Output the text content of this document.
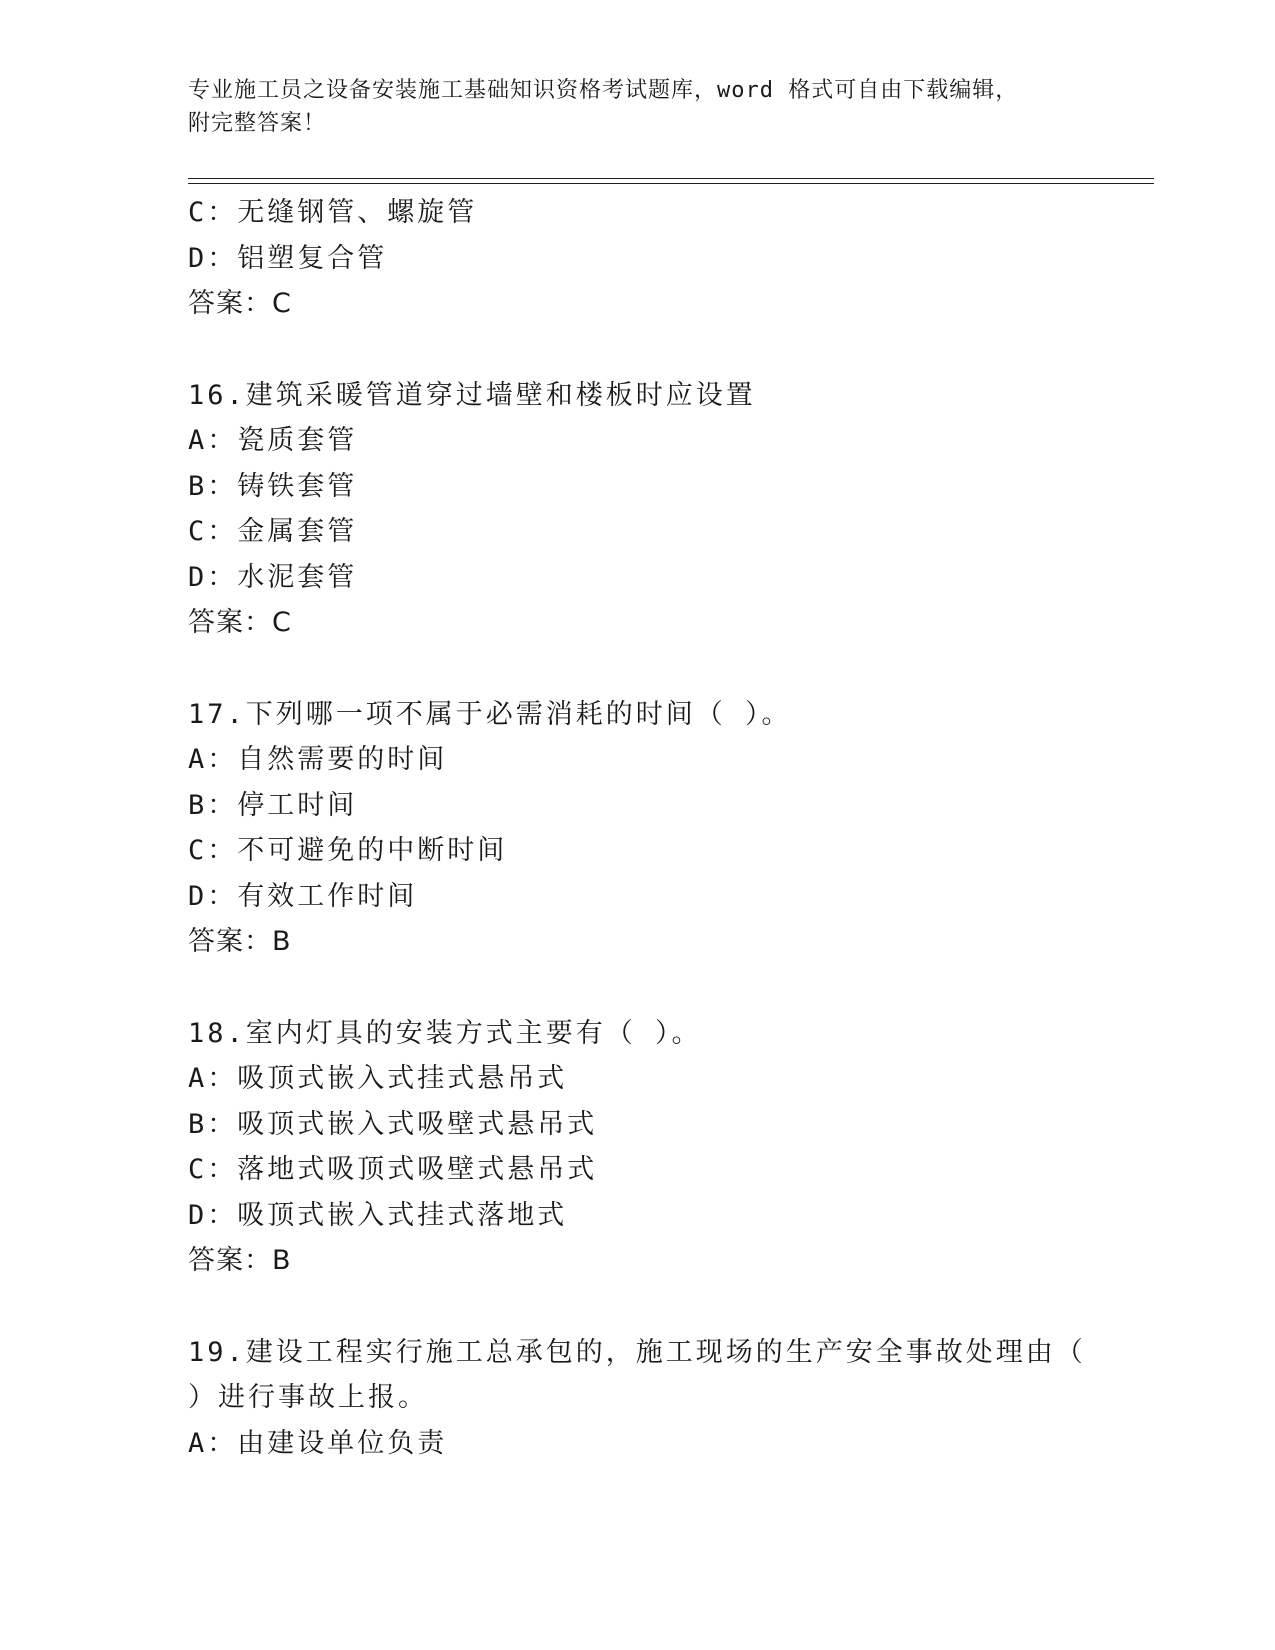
专业施工员之设备安装施工基础知识资格考试题库，word 格式可自由下载编辑，
附完整答案！
C：无缝钢管、螺旋管
D：铝塑复合管
答案：C
16.建筑采暖管道穿过墙壁和楼板时应设置
A：瓷质套管
B：铸铁套管
C：金属套管
D：水泥套管
答案：C
17.下列哪一项不属于必需消耗的时间（ ）。
A：自然需要的时间
B：停工时间
C：不可避免的中断时间
D：有效工作时间
答案：B
18.室内灯具的安装方式主要有（ ）。
A：吸顶式嵌入式挂式悬吊式
B：吸顶式嵌入式吸壁式悬吊式
C：落地式吸顶式吸壁式悬吊式
D：吸顶式嵌入式挂式落地式
答案：B
19.建设工程实行施工总承包的，施工现场的生产安全事故处理由（
）进行事故上报。
A：由建设单位负责
